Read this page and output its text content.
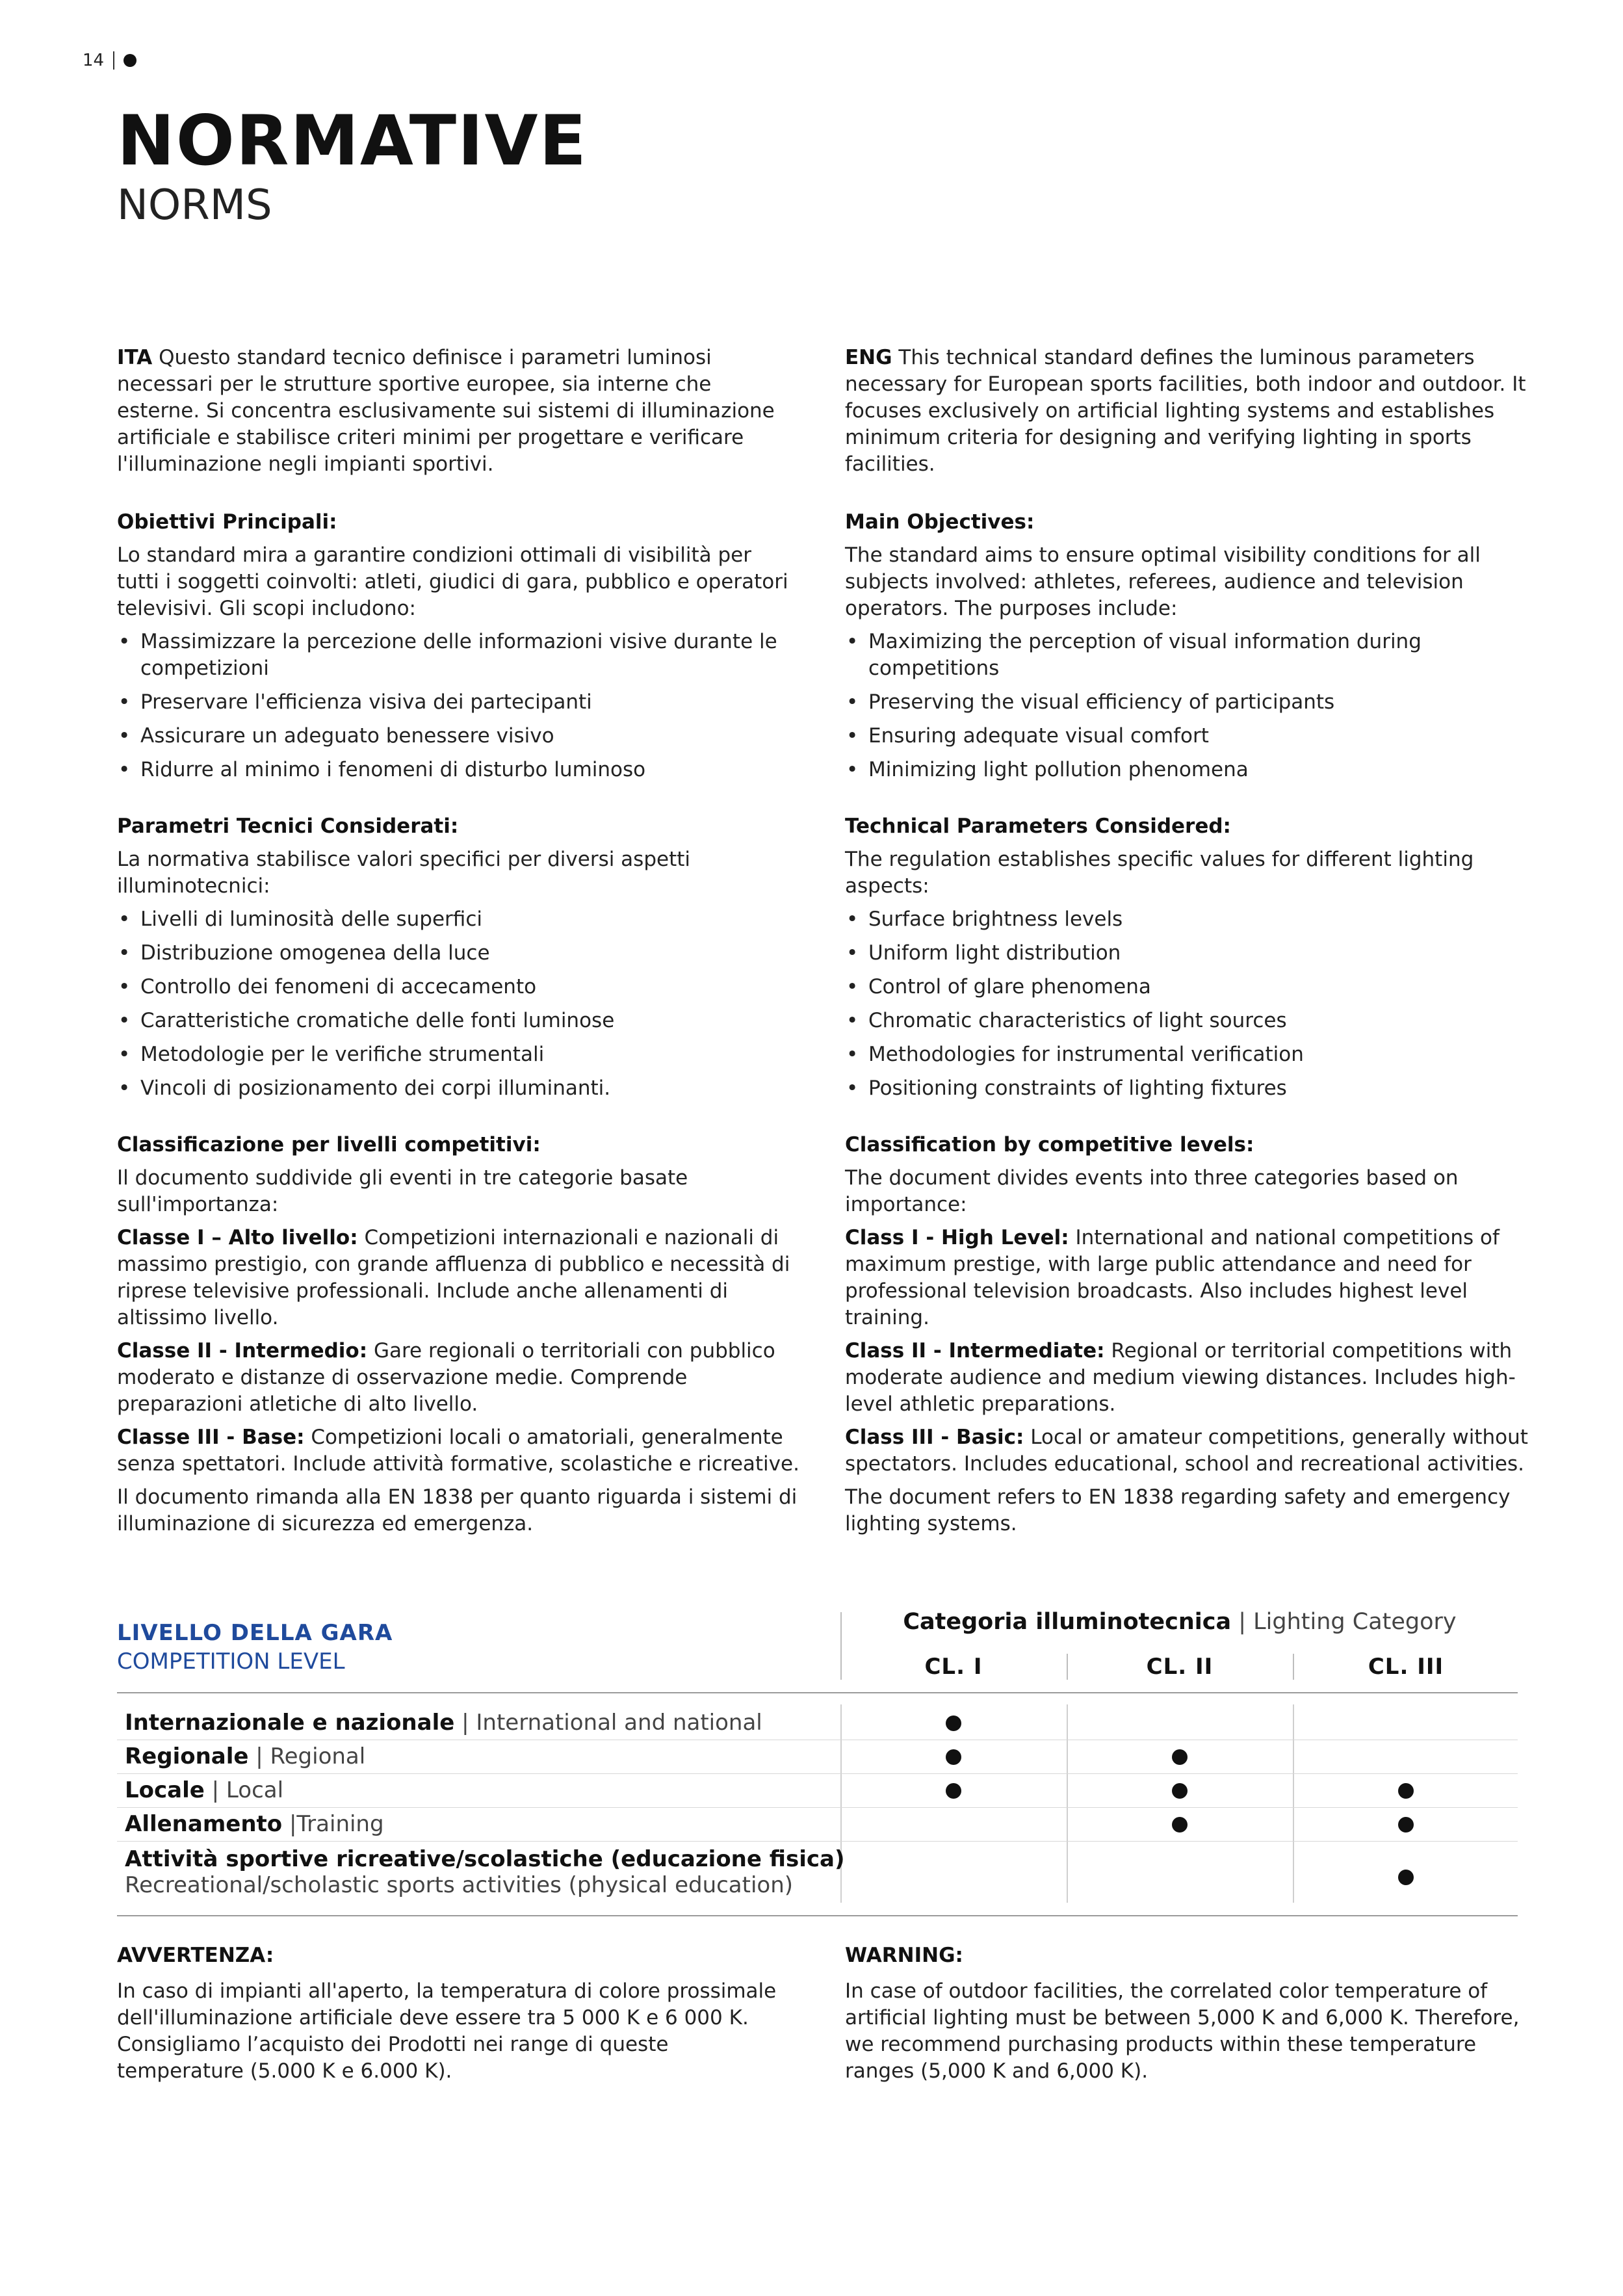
14
NORMATIVE
NORMS

ITA Questo standard tecnico definisce i parametri luminosi necessari per le strutture sportive europee, sia interne che esterne. Si concentra esclusivamente sui sistemi di illuminazione artificiale e stabilisce criteri minimi per progettare e verificare l'illuminazione negli impianti sportivi.

Obiettivi Principali:

Lo standard mira a garantire condizioni ottimali di visibilità per tutti i soggetti coinvolti: atleti, giudici di gara, pubblico e operatori televisivi. Gli scopi includono:

• Massimizzare la percezione delle informazioni visive durante le competizioni
• Preservare l'efficienza visiva dei partecipanti
• Assicurare un adeguato benessere visivo
• Ridurre al minimo i fenomeni di disturbo luminoso

Parametri Tecnici Considerati:

La normativa stabilisce valori specifici per diversi aspetti illuminotecnici:

• Livelli di luminosità delle superfici
• Distribuzione omogenea della luce
• Controllo dei fenomeni di accecamento
• Caratteristiche cromatiche delle fonti luminose
• Metodologie per le verifiche strumentali
• Vincoli di posizionamento dei corpi illuminanti.

Classificazione per livelli competitivi:

Il documento suddivide gli eventi in tre categorie basate sull'importanza:

Classe I – Alto livello: Competizioni internazionali e nazionali di massimo prestigio, con grande affluenza di pubblico e necessità di riprese televisive professionali. Include anche allenamenti di altissimo livello.

Classe II - Intermedio: Gare regionali o territoriali con pubblico moderato e distanze di osservazione medie. Comprende preparazioni atletiche di alto livello.

Classe III - Base: Competizioni locali o amatoriali, generalmente senza spettatori. Include attività formative, scolastiche e ricreative.

Il documento rimanda alla EN 1838 per quanto riguarda i sistemi di illuminazione di sicurezza ed emergenza.

ENG This technical standard defines the luminous parameters necessary for European sports facilities, both indoor and outdoor. It focuses exclusively on artificial lighting systems and establishes minimum criteria for designing and verifying lighting in sports facilities.

Main Objectives:

The standard aims to ensure optimal visibility conditions for all subjects involved: athletes, referees, audience and television operators. The purposes include:

• Maximizing the perception of visual information during competitions
• Preserving the visual efficiency of participants
• Ensuring adequate visual comfort
• Minimizing light pollution phenomena

Technical Parameters Considered:

The regulation establishes specific values for different lighting aspects:

• Surface brightness levels
• Uniform light distribution
• Control of glare phenomena
• Chromatic characteristics of light sources
• Methodologies for instrumental verification
• Positioning constraints of lighting fixtures

Classification by competitive levels:

The document divides events into three categories based on importance:

Class I - High Level: International and national competitions of maximum prestige, with large public attendance and need for professional television broadcasts. Also includes highest level training.

Class II - Intermediate: Regional or territorial competitions with moderate audience and medium viewing distances. Includes high-level athletic preparations.

Class III - Basic: Local or amateur competitions, generally without spectators. Includes educational, school and recreational activities.

The document refers to EN 1838 regarding safety and emergency lighting systems.

LIVELLO DELLA GARA
COMPETITION LEVEL
Categoria illuminotecnica | Lighting Category
CL. I	CL. II	CL. III
Internazionale e nazionale | International and national
Regionale | Regional
Locale | Local
Allenamento |Training
Attività sportive ricreative/scolastiche (educazione fisica)
Recreational/scholastic sports activities (physical education)

AVVERTENZA:

In caso di impianti all'aperto, la temperatura di colore prossimale dell'illuminazione artificiale deve essere tra 5 000 K e 6 000 K. Consigliamo l’acquisto dei Prodotti nei range di queste temperature (5.000 K e 6.000 K).

WARNING:

In case of outdoor facilities, the correlated color temperature of artificial lighting must be between 5,000 K and 6,000 K. Therefore, we recommend purchasing products within these temperature ranges (5,000 K and 6,000 K).
